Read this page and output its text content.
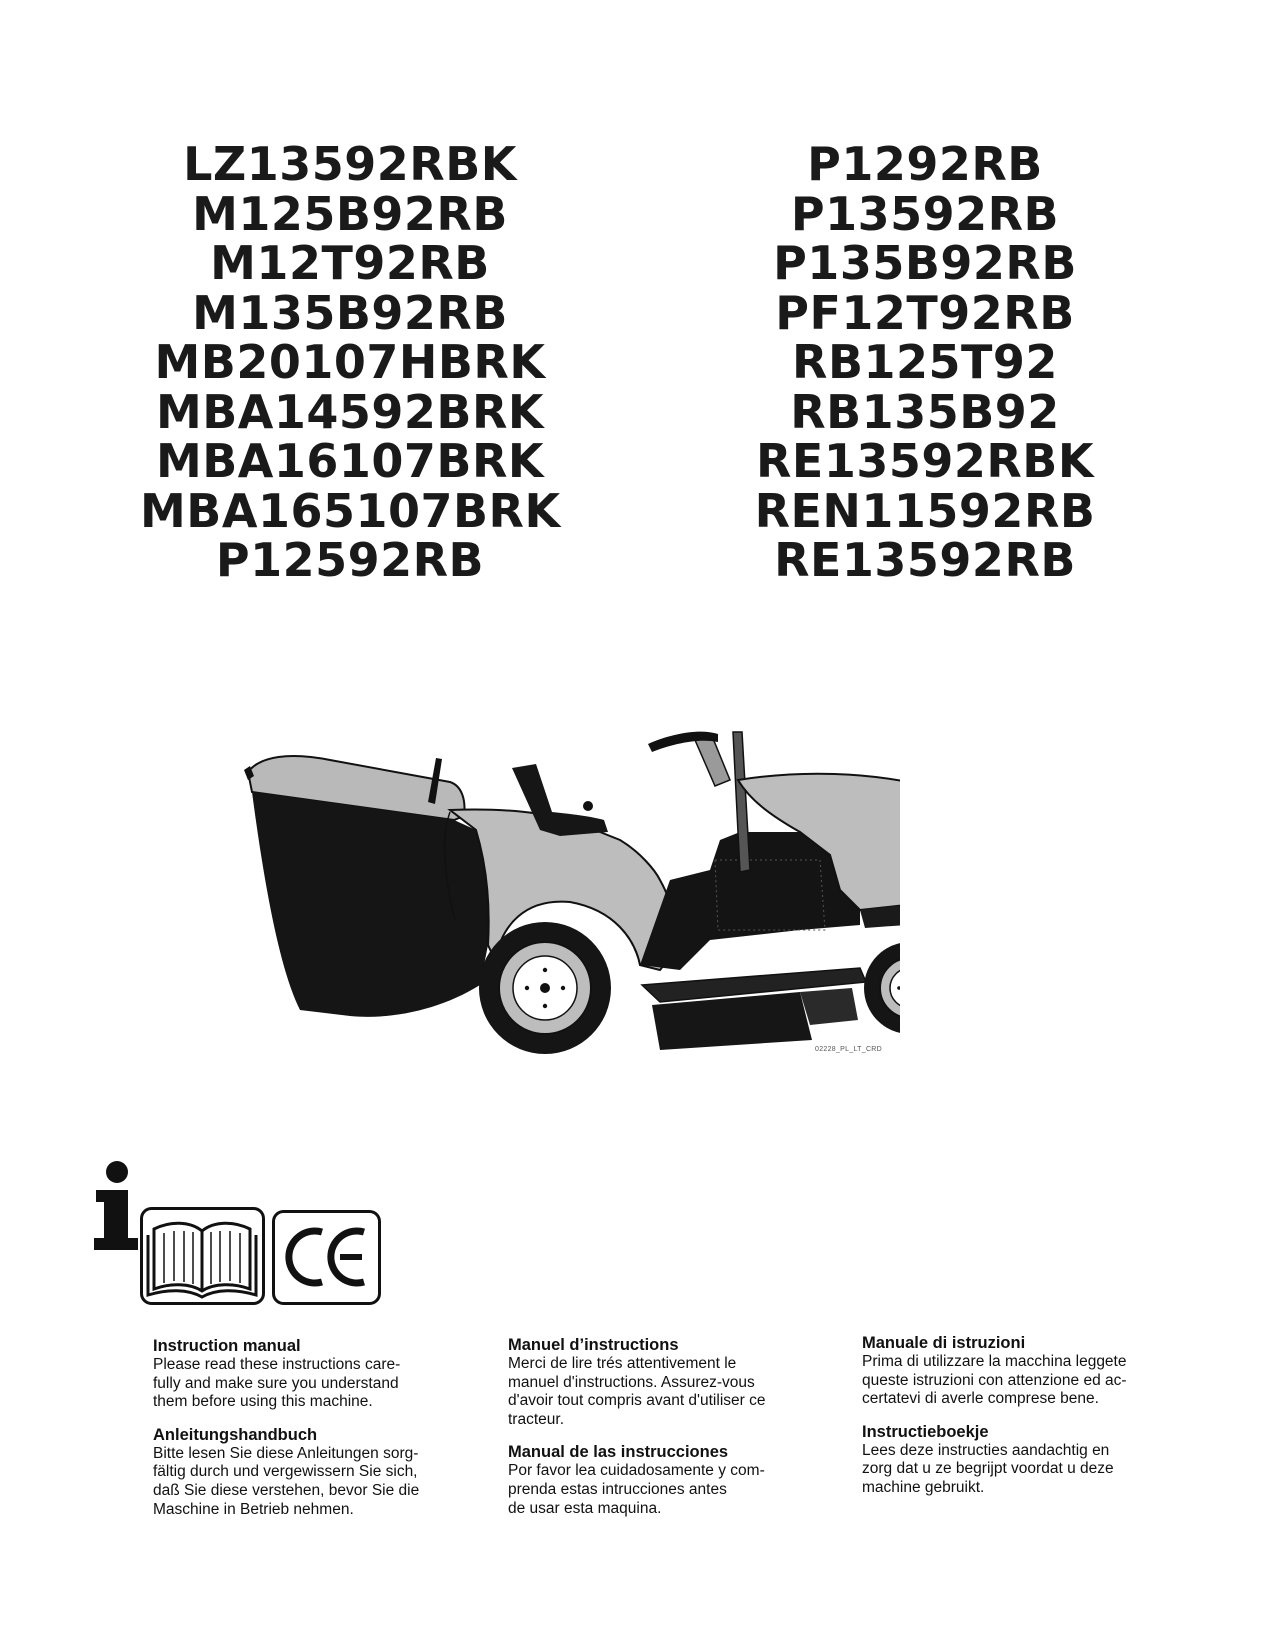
LZ13592RBK
M125B92RB
M12T92RB
M135B92RB
MB20107HBRK
MBA14592BRK
MBA16107BRK
MBA165107BRK
P12592RB
P1292RB
P13592RB
P135B92RB
PF12T92RB
RB125T92
RB135B92
RE13592RBK
REN11592RB
RE13592RB
02228_PL_LT_CRD
Instruction manual

Please read these instructions care-
fully and make sure you understand
them before using this machine.

Anleitungshandbuch

Bitte lesen Sie diese Anleitungen sorg-
fältig durch und vergewissern Sie sich,
daß Sie diese verstehen, bevor Sie die
Maschine in Betrieb nehmen.

Manuel d’instructions

Merci de lire trés attentivement le
manuel d'instructions. Assurez-vous
d'avoir tout compris avant d'utiliser ce
tracteur.

Manual de las instrucciones

Por favor lea cuidadosamente y com-
prenda estas intrucciones antes
de usar esta maquina.

Manuale di istruzioni

Prima di utilizzare la macchina leggete
queste istruzioni con attenzione ed ac-
certatevi di averle comprese bene.

Instructieboekje

Lees deze instructies aandachtig en
zorg dat u ze begrijpt voordat u deze
machine gebruikt.
